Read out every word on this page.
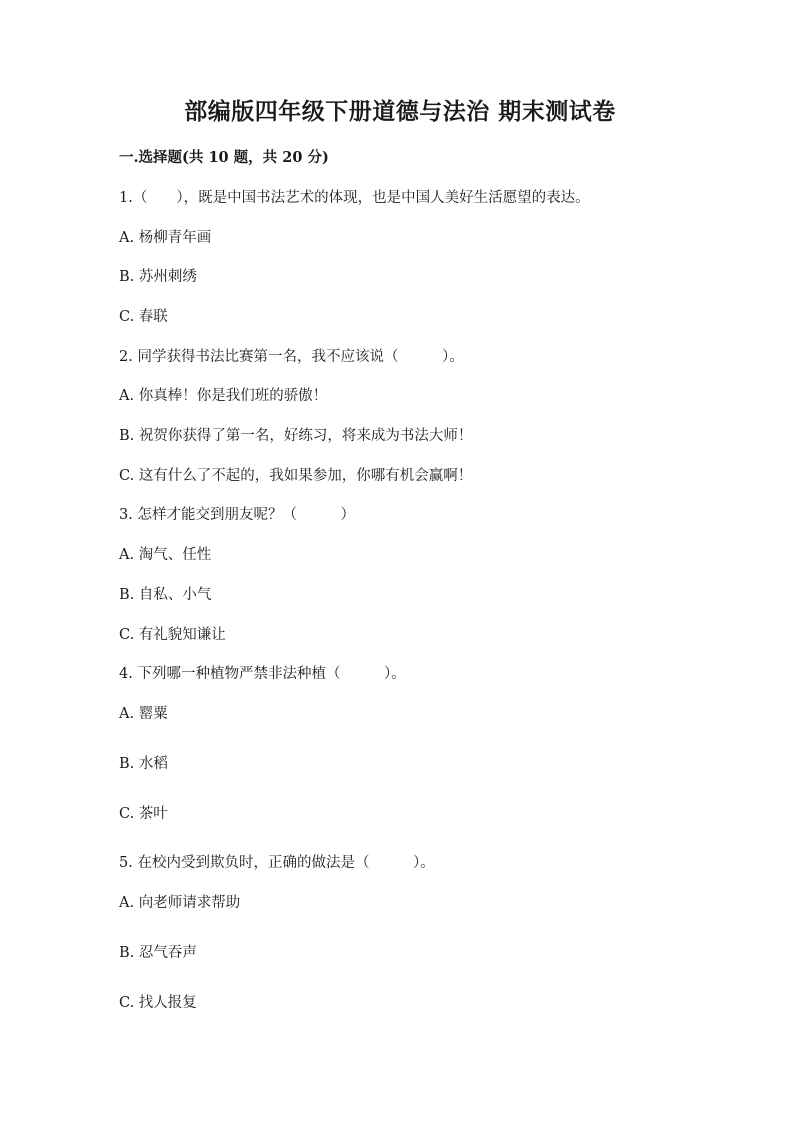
部编版四年级下册道德与法治 期末测试卷
一.选择题(共 10 题，共 20 分)
1.（　　），既是中国书法艺术的体现，也是中国人美好生活愿望的表达。
A. 杨柳青年画
B. 苏州刺绣
C. 春联
2. 同学获得书法比赛第一名，我不应该说（　　　）。
A. 你真棒！你是我们班的骄傲！
B. 祝贺你获得了第一名，好练习，将来成为书法大师！
C. 这有什么了不起的，我如果参加，你哪有机会赢啊！
3. 怎样才能交到朋友呢？（　　　）
A. 淘气、任性
B. 自私、小气
C. 有礼貌知谦让
4. 下列哪一种植物严禁非法种植（　　　）。
A. 罂粟
B. 水稻
C. 茶叶
5. 在校内受到欺负时，正确的做法是（　　　）。
A. 向老师请求帮助
B. 忍气吞声
C. 找人报复
